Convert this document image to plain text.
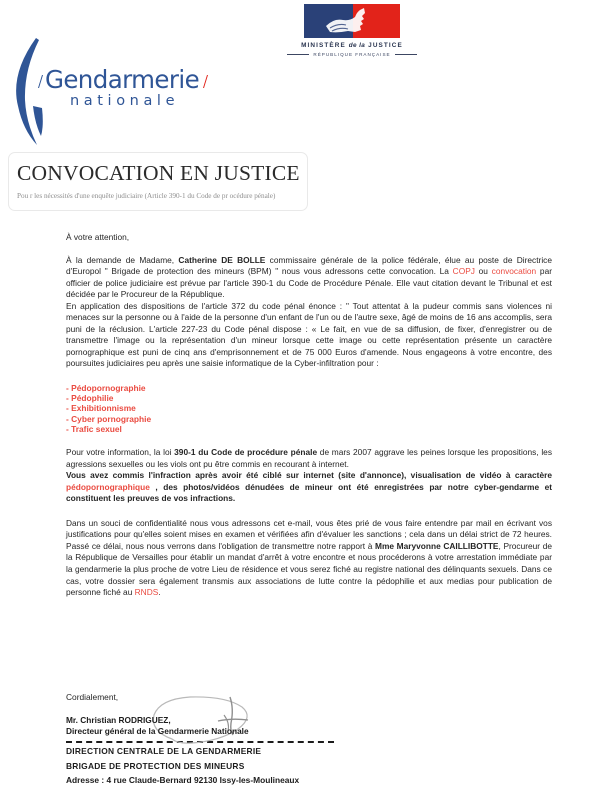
MINISTÈRE de la JUSTICE
RÉPUBLIQUE FRANÇAISE
Gendarmerie
nationale
CONVOCATION EN JUSTICE
Pou r les nécessités d'une enquête judiciaire (Article 390-1 du Code de pr océdure pénale)

À votre attention,

À la demande de Madame, Catherine DE BOLLE commissaire générale de la police fédérale, élue au poste de Directrice d'Europol " Brigade de protection des mineurs (BPM) " nous vous adressons cette convocation. La COPJ ou convocation par officier de police judiciaire est prévue par l'article 390-1 du Code de Procédure Pénale. Elle vaut citation devant le Tribunal et est décidée par le Procureur de la République.

En application des dispositions de l'article 372 du code pénal énonce : " Tout attentat à la pudeur commis sans violences ni menaces sur la personne ou à l'aide de la personne d'un enfant de l'un ou de l'autre sexe, âgé de moins de 16 ans accomplis, sera puni de la réclusion. L'article 227-23 du Code pénal dispose : « Le fait, en vue de sa diffusion, de fixer, d'enregistrer ou de transmettre l'image ou la représentation d'un mineur lorsque cette image ou cette représentation présente un caractère pornographique est puni de cinq ans d'emprisonnement et de 75 000 Euros d'amende. Nous engageons à votre encontre, des poursuites judiciaires peu après une saisie informatique de la Cyber-infiltration pour :

- Pédopornographie
- Pédophilie
- Exhibitionnisme
- Cyber pornographie
- Trafic sexuel

Pour votre information, la loi 390-1 du Code de procédure pénale de mars 2007 aggrave les peines lorsque les propositions, les agressions sexuelles ou les viols ont pu être commis en recourant à internet.

Vous avez commis l'infraction après avoir été ciblé sur internet (site d'annonce), visualisation de vidéo à caractère pédopornographique , des photos/vidéos dénudées de mineur ont été enregistrées par notre cyber-gendarme et constituent les preuves de vos infractions.

Dans un souci de confidentialité nous vous adressons cet e-mail, vous êtes prié de vous faire entendre par mail en écrivant vos justifications pour qu'elles soient mises en examen et vérifiées afin d'évaluer les sanctions ; cela dans un délai strict de 72 heures. Passé ce délai, nous nous verrons dans l'obligation de transmettre notre rapport à Mme Maryvonne CAILLIBOTTE, Procureur de la République de Versailles pour établir un mandat d'arrêt à votre encontre et nous procéderons à votre arrestation immédiate par la gendarmerie la plus proche de votre Lieu de résidence et vous serez fiché au registre national des délinquants sexuels. Dans ce cas, votre dossier sera également transmis aux associations de lutte contre la pédophilie et aux medias pour publication de personne fiché au RNDS.

Cordialement,
Mr. Christian RODRIGUEZ,
Directeur général de la Gendarmerie Nationale
DIRECTION CENTRALE DE LA GENDARMERIE
BRIGADE DE PROTECTION DES MINEURS
Adresse : 4 rue Claude-Bernard 92130 Issy-les-Moulineaux
